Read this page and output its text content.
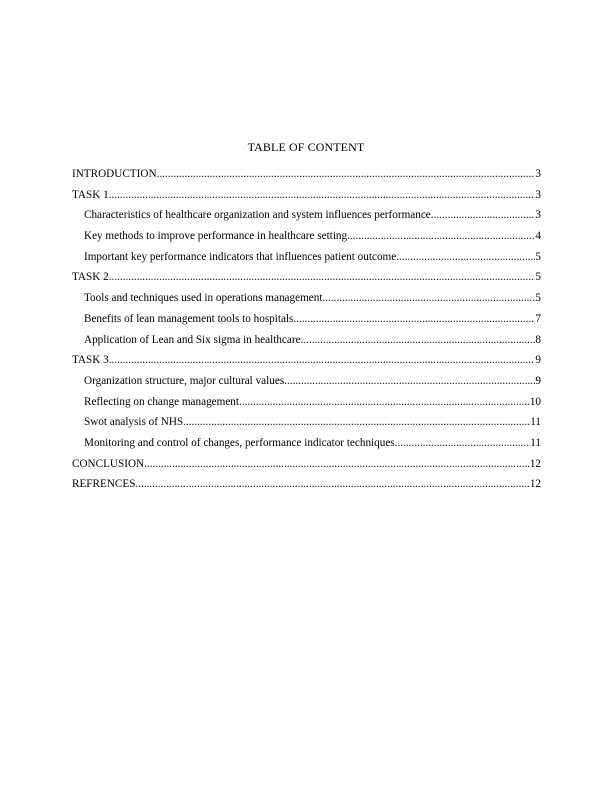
TABLE OF CONTENT
INTRODUCTION .....	3
TASK 1 .....	3
Characteristics of healthcare organization and system influences performance .....	3
Key methods to improve performance in healthcare setting .....	4
Important key performance indicators that influences patient outcome .....	5
TASK 2 .....	5
Tools and techniques used in operations management .....	5
Benefits of lean management tools to hospitals .....	7
Application of Lean and Six sigma in healthcare .....	8
TASK 3 .....	9
Organization structure, major cultural values .....	9
Reflecting on change management .....	10
Swot analysis of NHS .....	11
Monitoring and control of changes, performance indicator techniques .....	11
CONCLUSION .....	12
REFRENCES .....	12
